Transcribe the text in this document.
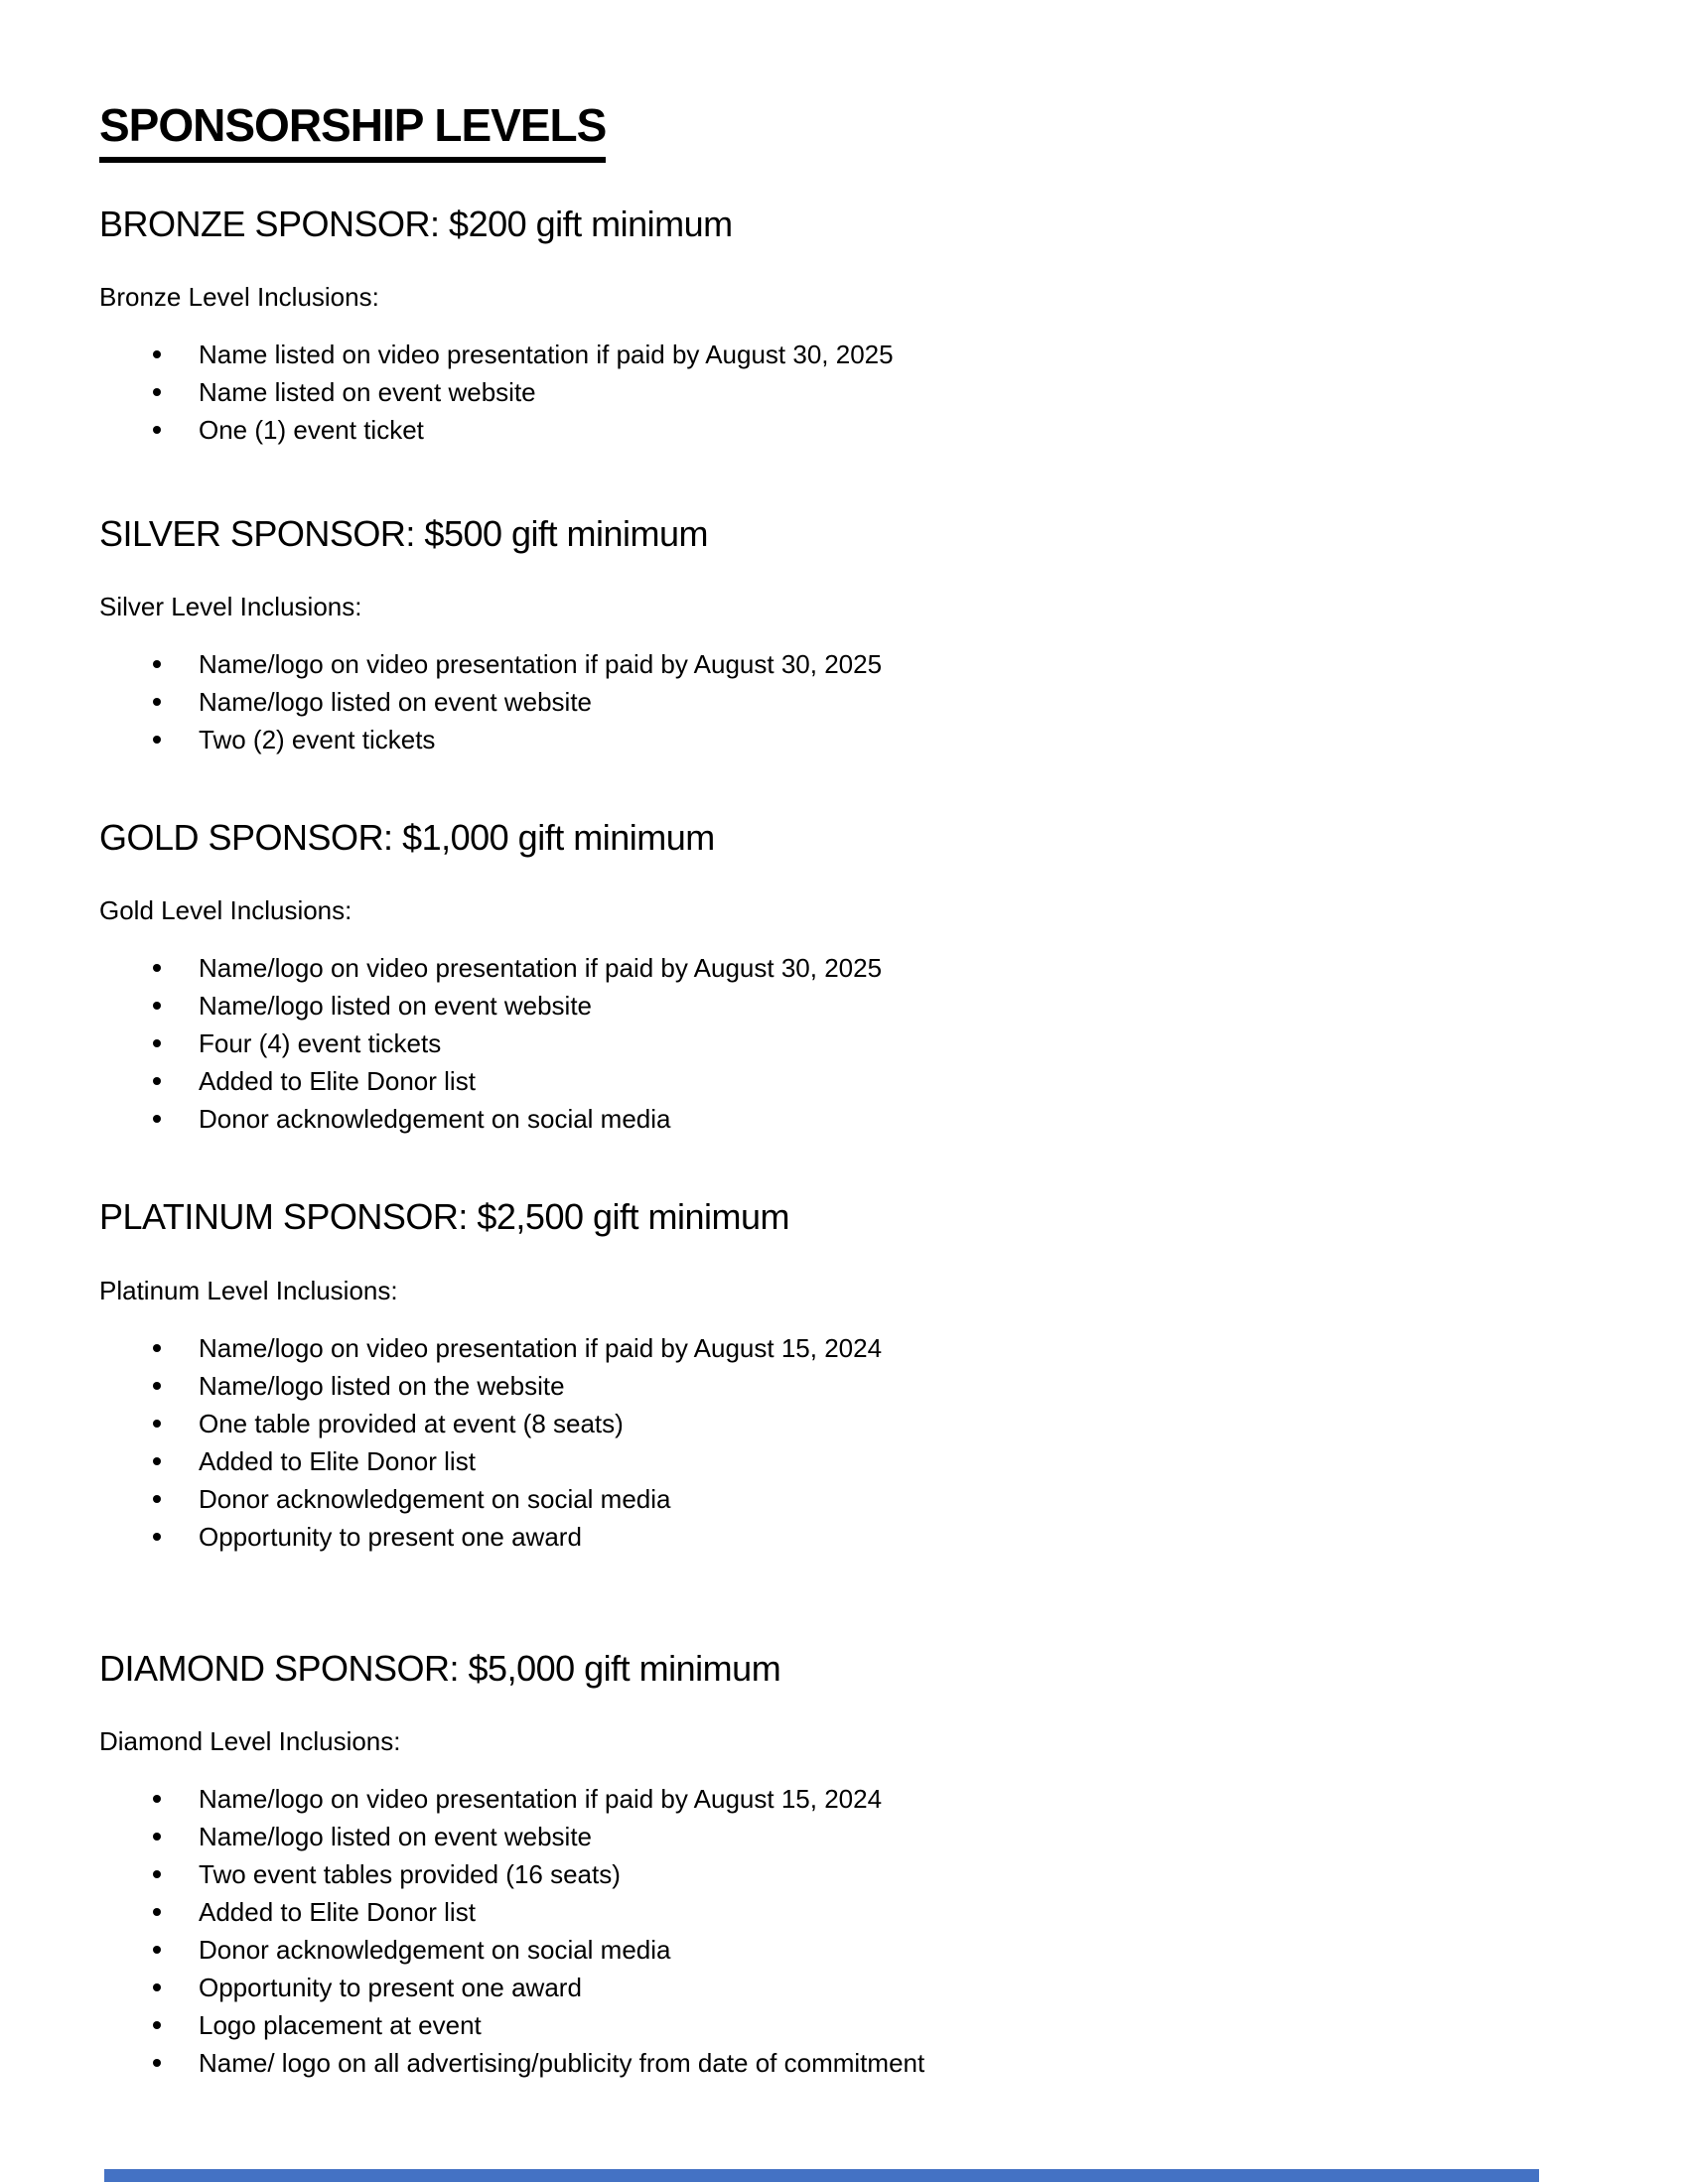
SPONSORSHIP LEVELS
BRONZE SPONSOR: $200 gift minimum

Bronze Level Inclusions:

Name listed on video presentation if paid by August 30, 2025
Name listed on event website
One (1) event ticket
SILVER SPONSOR: $500 gift minimum

Silver Level Inclusions:

Name/logo on video presentation if paid by August 30, 2025
Name/logo listed on event website
Two (2) event tickets
GOLD SPONSOR: $1,000 gift minimum

Gold Level Inclusions:

Name/logo on video presentation if paid by August 30, 2025
Name/logo listed on event website
Four (4) event tickets
Added to Elite Donor list
Donor acknowledgement on social media
PLATINUM SPONSOR: $2,500 gift minimum

Platinum Level Inclusions:

Name/logo on video presentation if paid by August 15, 2024
Name/logo listed on the website
One table provided at event (8 seats)
Added to Elite Donor list
Donor acknowledgement on social media
Opportunity to present one award
DIAMOND SPONSOR: $5,000 gift minimum

Diamond Level Inclusions:

Name/logo on video presentation if paid by August 15, 2024
Name/logo listed on event website
Two event tables provided (16 seats)
Added to Elite Donor list
Donor acknowledgement on social media
Opportunity to present one award
Logo placement at event
Name/ logo on all advertising/publicity from date of commitment
